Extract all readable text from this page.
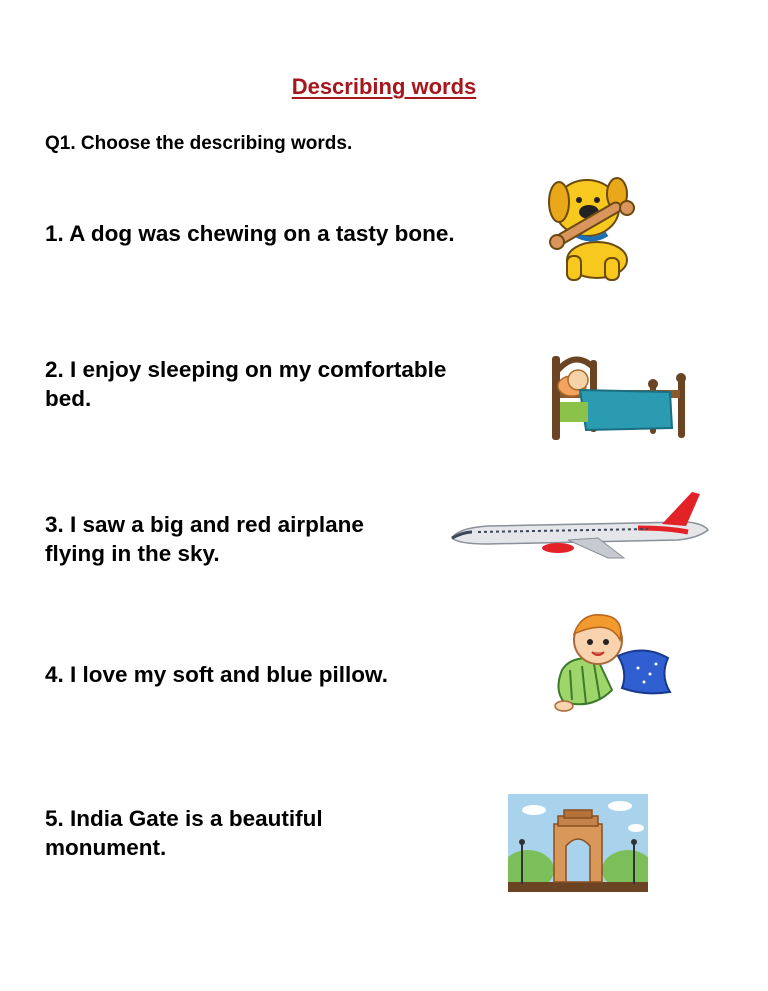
Describing words
Q1. Choose the describing words.
1. A dog was chewing on a tasty bone.
2. I enjoy sleeping on my comfortable
bed.
3. I saw a big and red airplane
flying in the sky.
4. I love my soft and blue pillow.
5. India Gate is a beautiful
monument.
